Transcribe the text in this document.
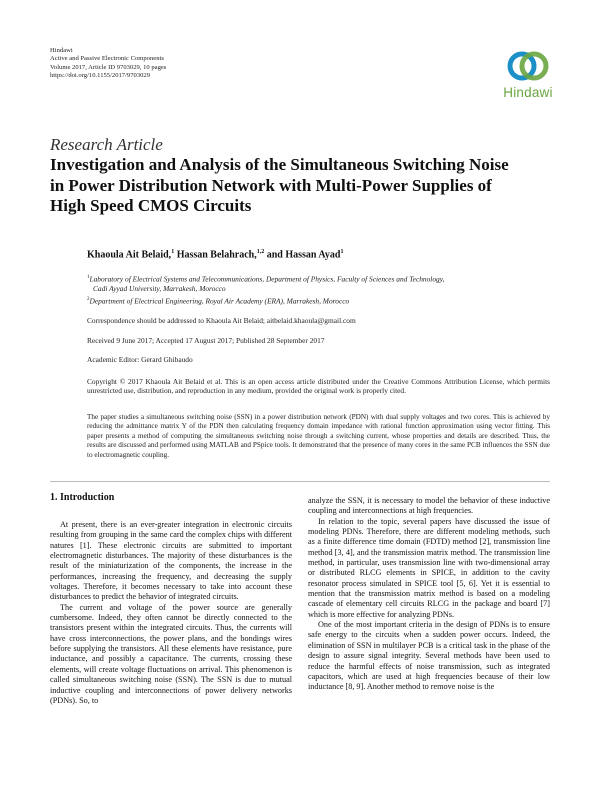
Hindawi
Active and Passive Electronic Components
Volume 2017, Article ID 9703029, 10 pages
https://doi.org/10.1155/2017/9703029
Hindawi
Research Article
Investigation and Analysis of the Simultaneous Switching Noise in Power Distribution Network with Multi-Power Supplies of High Speed CMOS Circuits
Khaoula Ait Belaid,$^1$ Hassan Belahrach,$^{1,2}$ and Hassan Ayad$^1$
$^1$Laboratory of Electrical Systems and Telecommunications, Department of Physics, Faculty of Sciences and Technology,
Cadi Ayyad University, Marrakesh, Morocco
$^2$Department of Electrical Engineering, Royal Air Academy (ERA), Marrakesh, Morocco
Correspondence should be addressed to Khaoula Ait Belaid; aitbelaid.khaoula@gmail.com
Received 9 June 2017; Accepted 17 August 2017; Published 28 September 2017
Academic Editor: Gerard Ghibaudo
Copyright © 2017 Khaoula Ait Belaid et al. This is an open access article distributed under the Creative Commons Attribution License, which permits unrestricted use, distribution, and reproduction in any medium, provided the original work is properly cited.
The paper studies a simultaneous switching noise (SSN) in a power distribution network (PDN) with dual supply voltages and two cores. This is achieved by reducing the admittance matrix Y of the PDN then calculating frequency domain impedance with rational function approximation using vector fitting. This paper presents a method of computing the simultaneous switching noise through a switching current, whose properties and details are described. Thus, the results are discussed and performed using MATLAB and PSpice tools. It demonstrated that the presence of many cores in the same PCB influences the SSN due to electromagnetic coupling.
1. Introduction

At present, there is an ever-greater integration in electronic circuits resulting from grouping in the same card the complex chips with different natures [1]. These electronic circuits are submitted to important electromagnetic disturbances. The majority of these disturbances is the result of the miniaturization of the components, the increase in the performances, increasing the frequency, and decreasing the supply voltages. Therefore, it becomes necessary to take into account these disturbances to predict the behavior of integrated circuits.

The current and voltage of the power source are generally cumbersome. Indeed, they often cannot be directly connected to the transistors present within the integrated circuits. Thus, the currents will have cross interconnections, the power plans, and the bondings wires before supplying the transistors. All these elements have resistance, pure inductance, and possibly a capacitance. The currents, crossing these elements, will create voltage fluctuations on arrival. This phenomenon is called simultaneous switching noise (SSN). The SSN is due to mutual inductive coupling and interconnections of power delivery networks (PDNs). So, to

analyze the SSN, it is necessary to model the behavior of these inductive coupling and interconnections at high frequencies.

In relation to the topic, several papers have discussed the issue of modeling PDNs. Therefore, there are different modeling methods, such as a finite difference time domain (FDTD) method [2], transmission line method [3, 4], and the transmission matrix method. The transmission line method, in particular, uses transmission line with two-dimensional array or distributed RLCG elements in SPICE, in addition to the cavity resonator process simulated in SPICE tool [5, 6]. Yet it is essential to mention that the transmission matrix method is based on a modeling cascade of elementary cell circuits RLCG in the package and board [7] which is more effective for analyzing PDNs.

One of the most important criteria in the design of PDNs is to ensure safe energy to the circuits when a sudden power occurs. Indeed, the elimination of SSN in multilayer PCB is a critical task in the phase of the design to assure signal integrity. Several methods have been used to reduce the harmful effects of noise transmission, such as integrated capacitors, which are used at high frequencies because of their low inductance [8, 9]. Another method to remove noise is the
